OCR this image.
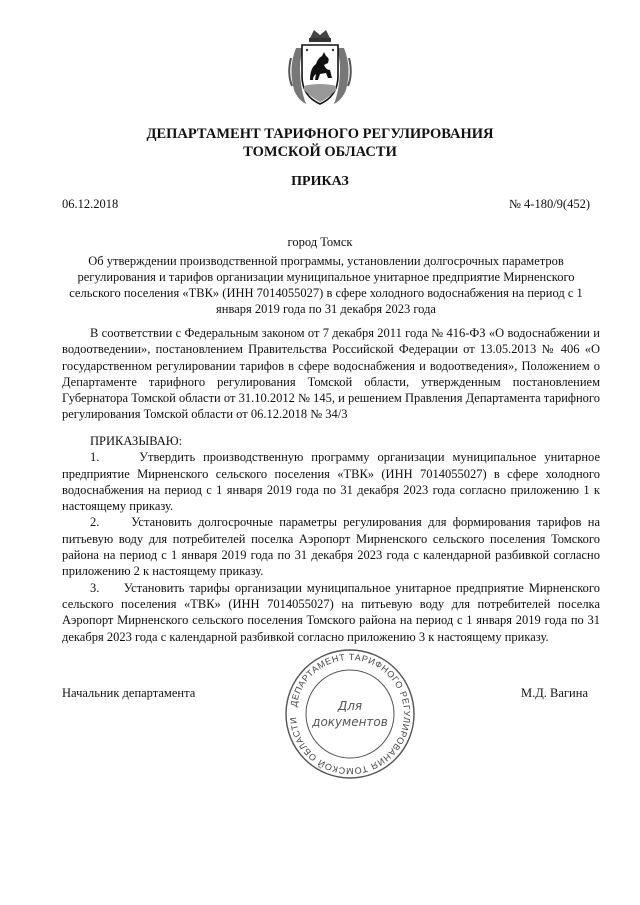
ДЕПАРТАМЕНТ ТАРИФНОГО РЕГУЛИРОВАНИЯ
ТОМСКОЙ ОБЛАСТИ
ПРИКАЗ
06.12.2018	№ 4-180/9(452)
город Томск
Об утверждении производственной программы, установлении долгосрочных параметров регулирования и тарифов организации муниципальное унитарное предприятие Мирненского сельского поселения «ТВК» (ИНН 7014055027) в сфере холодного водоснабжения на период с 1 января 2019 года по 31 декабря 2023 года

В соответствии с Федеральным законом от 7 декабря 2011 года № 416-ФЗ «О водоснабжении и водоотведении», постановлением Правительства Российской Федерации от 13.05.2013 № 406 «О государственном регулировании тарифов в сфере водоснабжения и водоотведения», Положением о Департаменте тарифного регулирования Томской области, утвержденным постановлением Губернатора Томской области от 31.10.2012 № 145, и решением Правления Департамента тарифного регулирования Томской области от 06.12.2018 № 34/3

ПРИКАЗЫВАЮ:

1.     Утвердить производственную программу организации муниципальное унитарное предприятие Мирненского сельского поселения «ТВК» (ИНН 7014055027) в сфере холодного водоснабжения на период с 1 января 2019 года по 31 декабря 2023 года согласно приложению 1 к настоящему приказу.

2.     Установить долгосрочные параметры регулирования для формирования тарифов на питьевую воду для потребителей поселка Аэропорт Мирненского сельского поселения Томского района на период с 1 января 2019 года по 31 декабря 2023 года с календарной разбивкой согласно приложению 2 к настоящему приказу.

3.     Установить тарифы организации муниципальное унитарное предприятие Мирненского сельского поселения «ТВК» (ИНН 7014055027) на питьевую воду для потребителей поселка Аэропорт Мирненского сельского поселения Томского района на период с 1 января 2019 года по 31 декабря 2023 года с календарной разбивкой согласно приложению 3 к настоящему приказу.

Начальник департамента	М.Д. Вагина
ДЕПАРТАМЕНТ ТАРИФНОГО РЕГУЛИРОВАНИЯ ТОМСКОЙ ОБЛАСТИ
Для
документов
